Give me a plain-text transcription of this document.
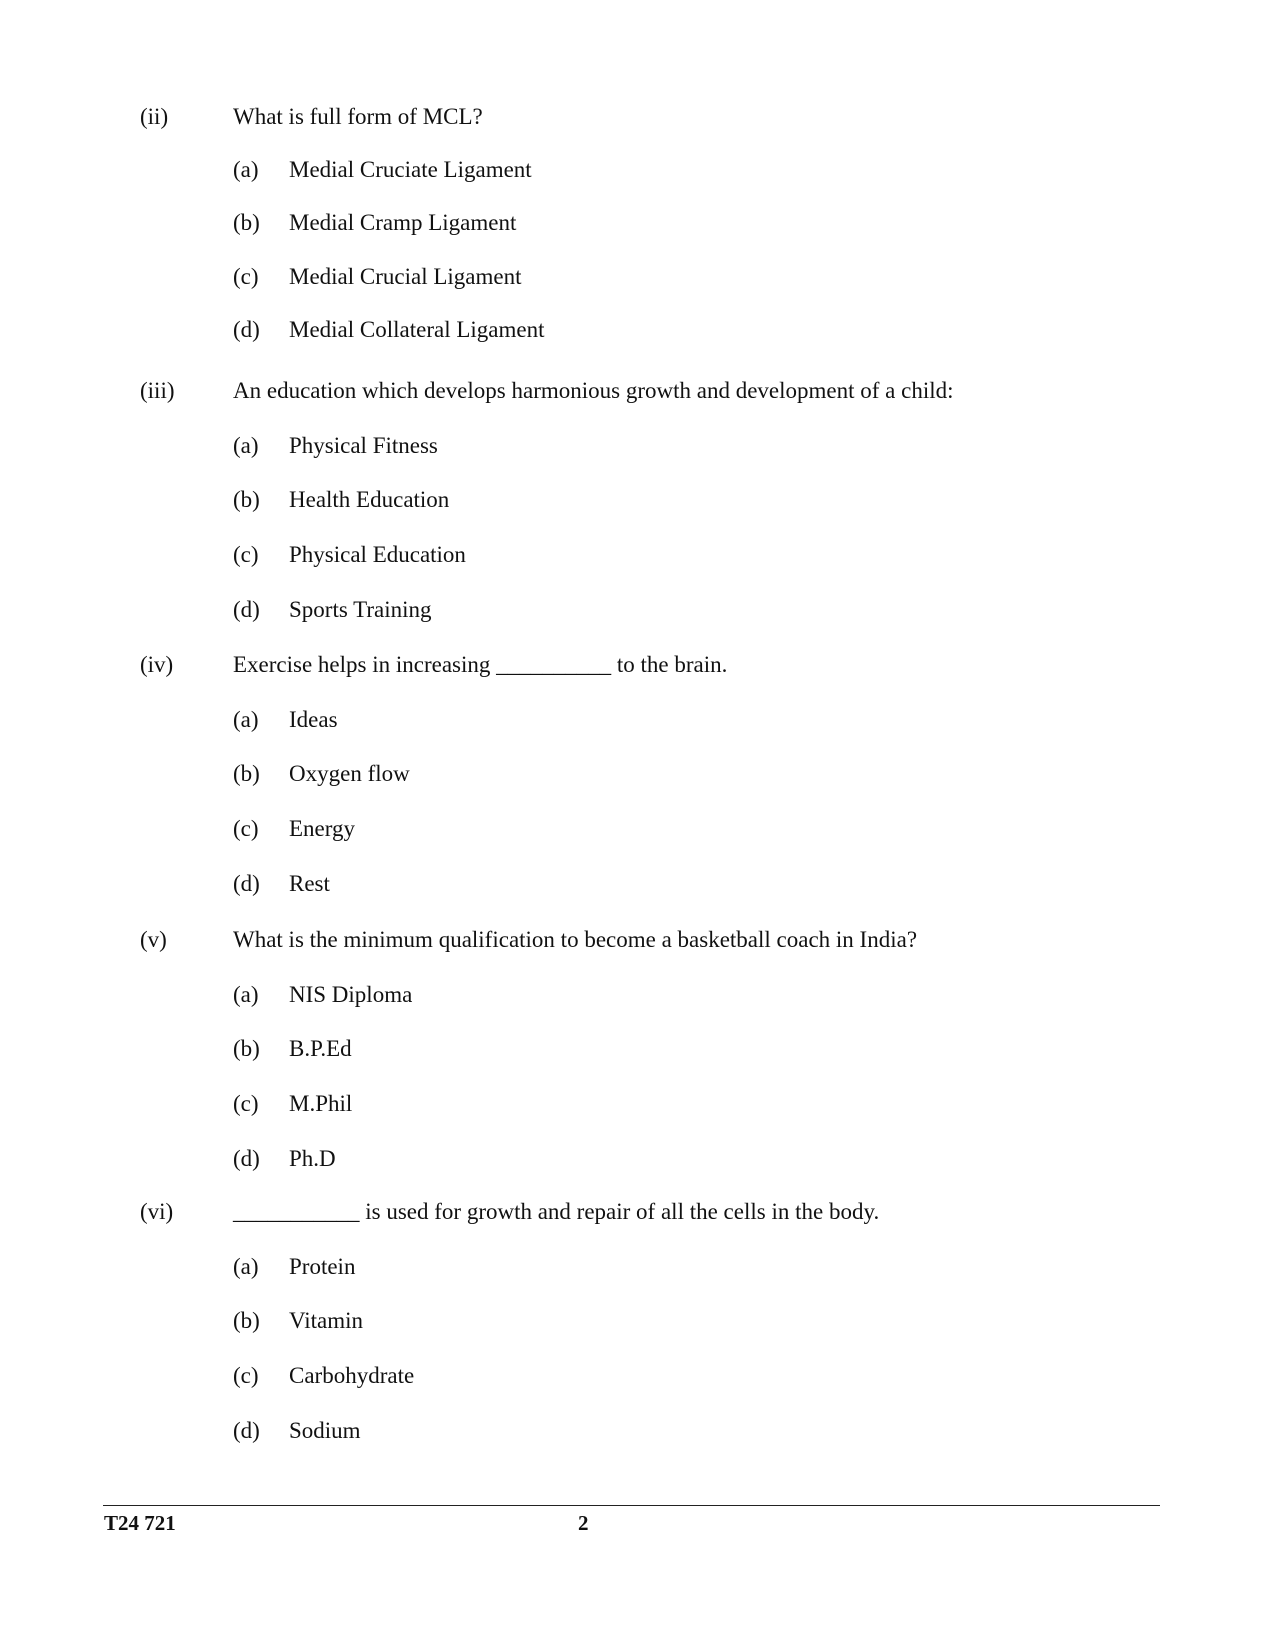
(ii)	What is full form of MCL?
(a) Medial Cruciate Ligament
(b) Medial Cramp Ligament
(c) Medial Crucial Ligament
(d) Medial Collateral Ligament
(iii)	An education which develops harmonious growth and development of a child:
(a) Physical Fitness
(b) Health Education
(c) Physical Education
(d) Sports Training
(iv)	Exercise helps in increasing __________ to the brain.
(a) Ideas
(b) Oxygen flow
(c) Energy
(d) Rest
(v)	What is the minimum qualification to become a basketball coach in India?
(a) NIS Diploma
(b) B.P.Ed
(c) M.Phil
(d) Ph.D
(vi)	___________ is used for growth and repair of all the cells in the body.
(a) Protein
(b) Vitamin
(c) Carbohydrate
(d) Sodium
T24 721	2
